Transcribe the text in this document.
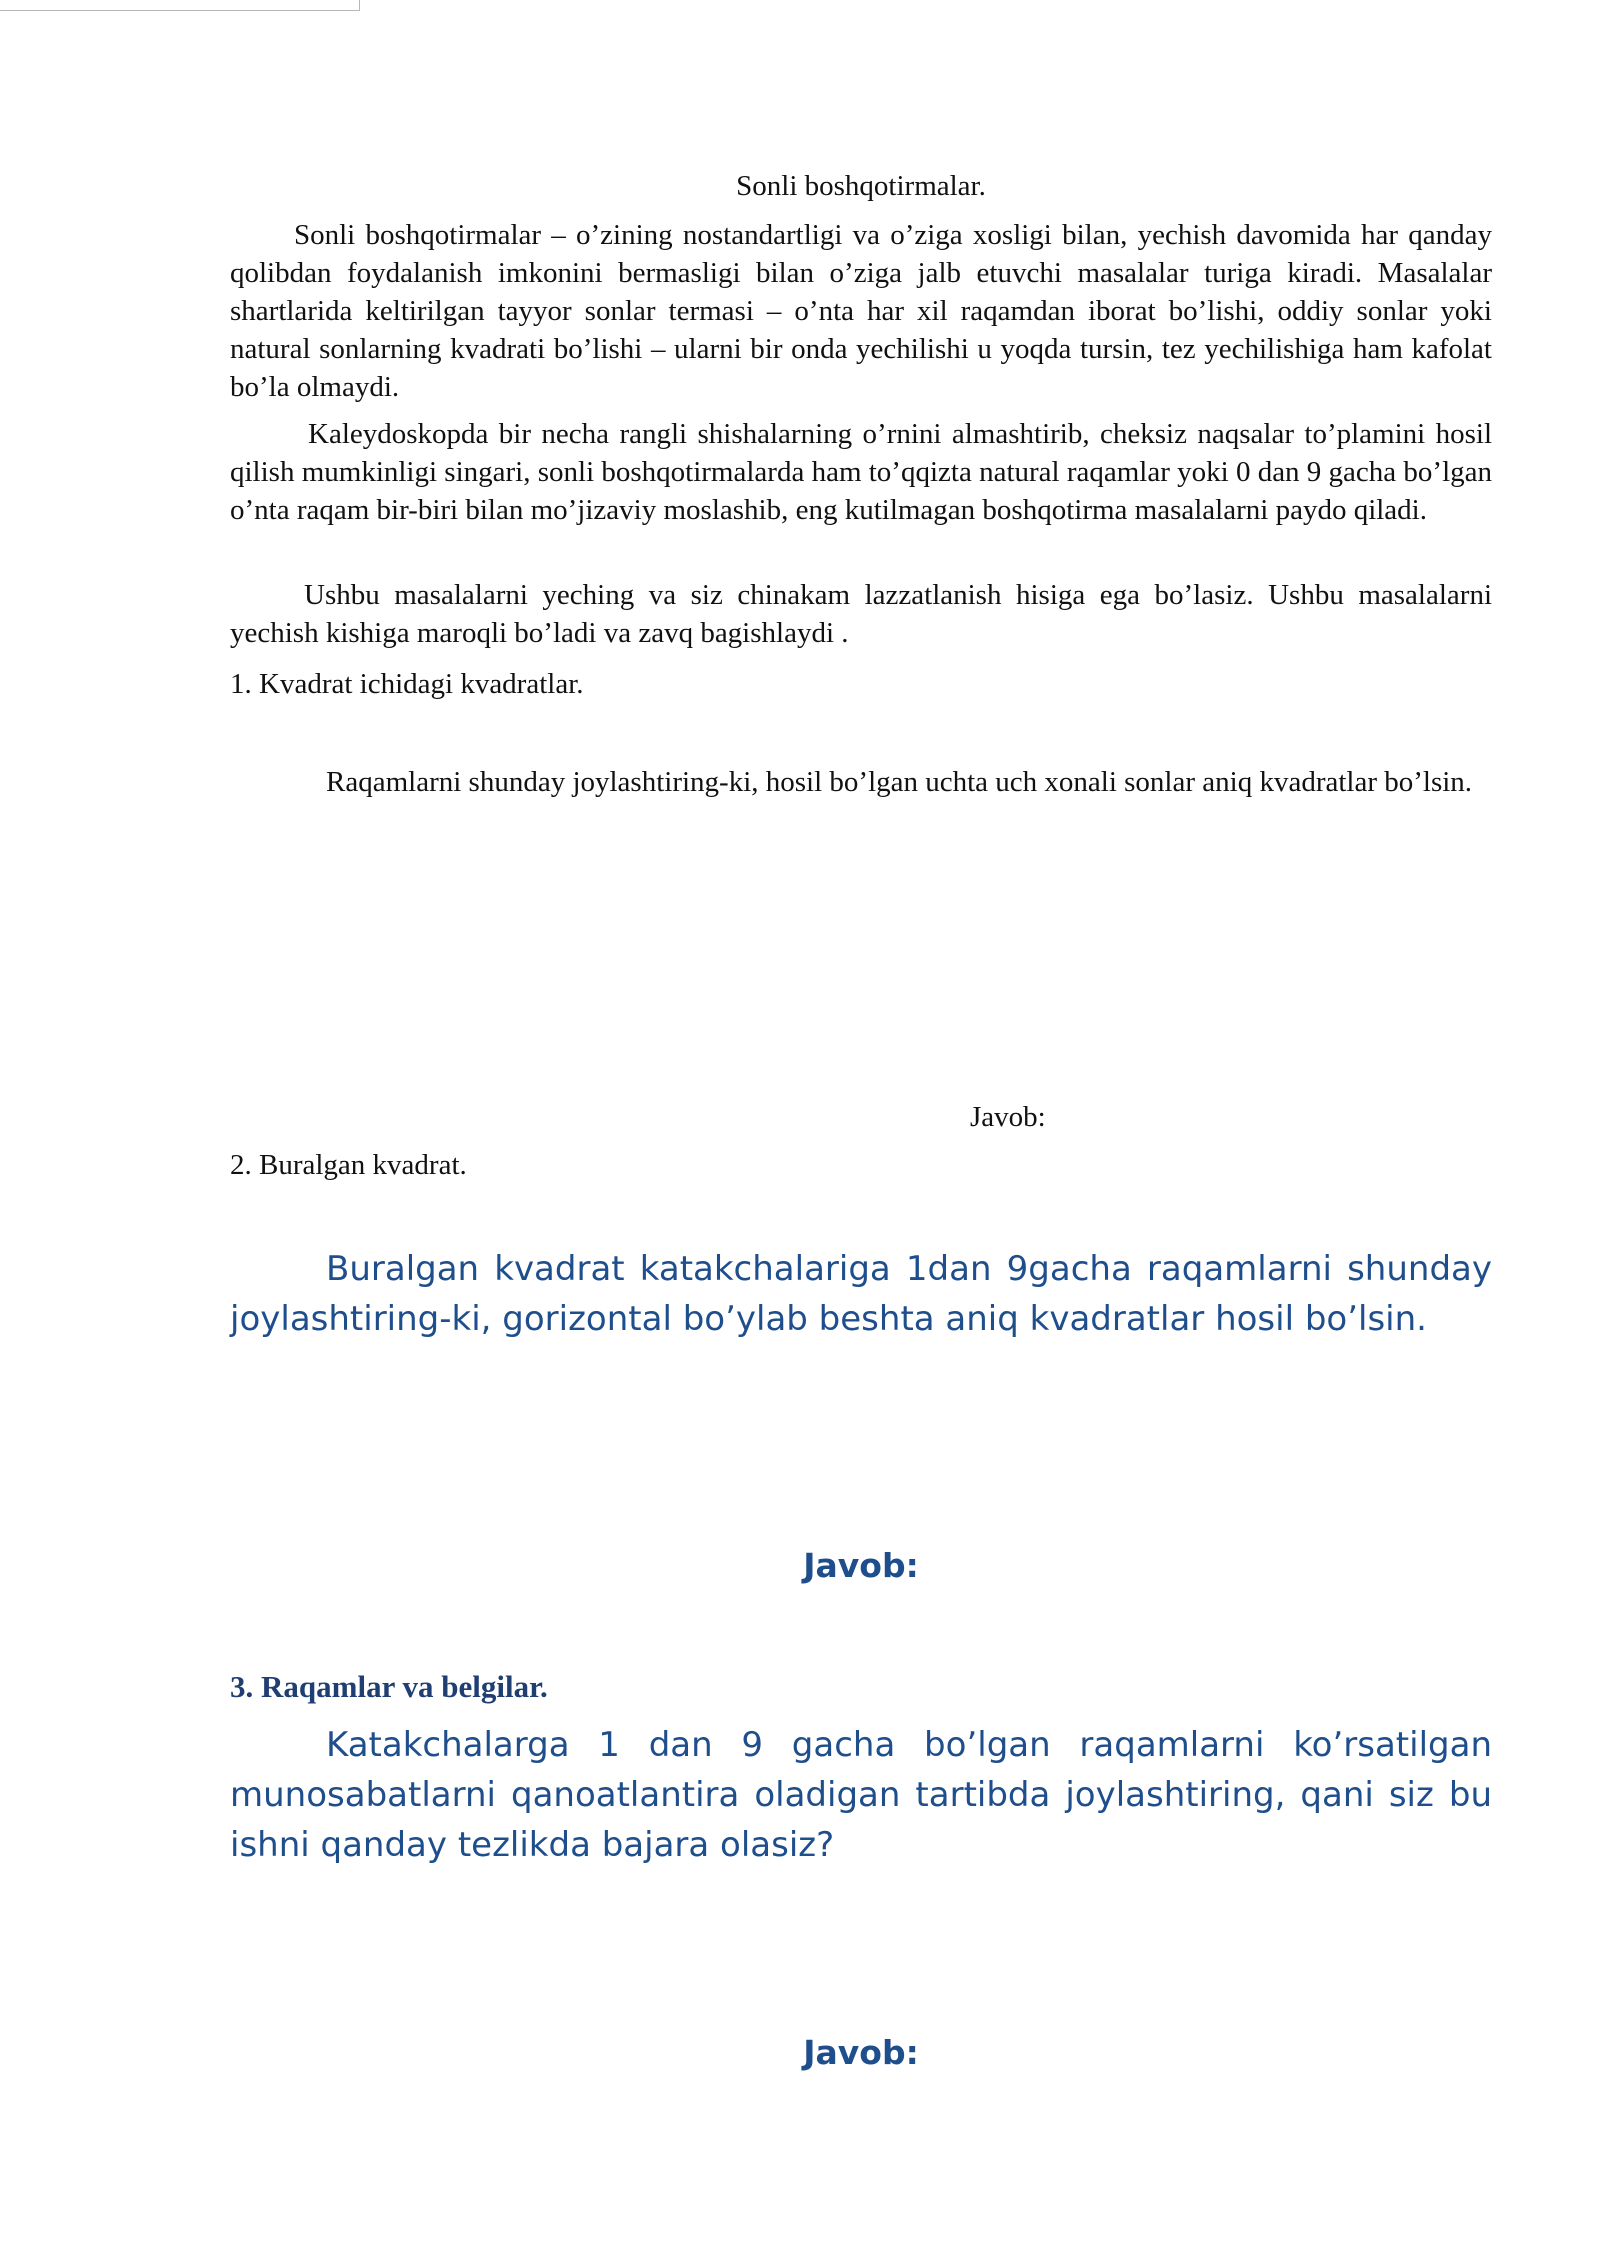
Sonli boshqotirmalar.

Sonli boshqotirmalar – o’zining nostandartligi va o’ziga xosligi bilan, yechish davomida har qanday qolibdan foydalanish imkonini bermasligi bilan o’ziga jalb etuvchi masalalar turiga kiradi. Masalalar shartlarida keltirilgan tayyor sonlar termasi – o’nta har xil raqamdan iborat bo’lishi, oddiy sonlar yoki natural sonlarning kvadrati bo’lishi – ularni bir onda yechilishi u yoqda tursin, tez yechilishiga ham kafolat bo’la olmaydi.

Kaleydoskopda bir necha rangli shishalarning o’rnini almashtirib, cheksiz naqsalar to’plamini hosil qilish mumkinligi singari, sonli boshqotirmalarda ham to’qqizta natural raqamlar yoki 0 dan 9 gacha bo’lgan o’nta raqam bir-biri bilan mo’jizaviy moslashib, eng kutilmagan boshqotirma masalalarni paydo qiladi.

Ushbu masalalarni yeching va siz chinakam lazzatlanish hisiga ega bo’lasiz. Ushbu masalalarni yechish kishiga maroqli bo’ladi va zavq bagishlaydi .

1. Kvadrat ichidagi kvadratlar.

Raqamlarni shunday joylashtiring-ki, hosil bo’lgan uchta uch xonali sonlar aniq kvadratlar bo’lsin.

Javob:

2. Buralgan kvadrat.

Buralgan kvadrat katakchalariga 1dan 9gacha raqamlarni shunday joylashtiring-ki, gorizontal bo’ylab beshta aniq kvadratlar hosil bo’lsin.

Javob:

3. Raqamlar va belgilar.

Katakchalarga 1 dan 9 gacha bo’lgan raqamlarni ko’rsatilgan munosabatlarni qanoatlantira oladigan tartibda joylashtiring, qani siz bu ishni qanday tezlikda bajara olasiz?

Javob:
